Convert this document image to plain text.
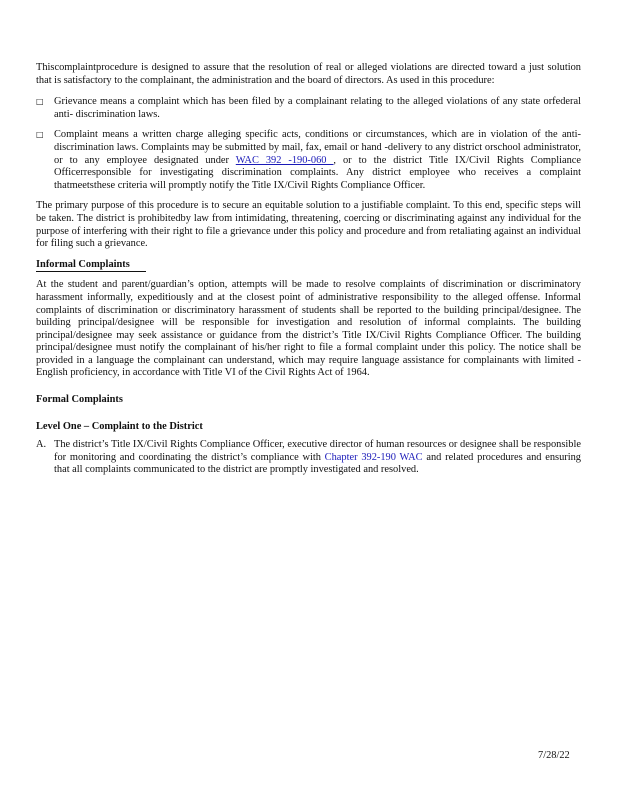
Thiscomplaintprocedure is designed to assure that the resolution of real or alleged violations are directed toward a just solution that is satisfactory to the complainant, the administration and the board of directors. As used in this procedure:

□ Grievance means a complaint which has been filed by a complainant relating to the alleged violations of any state orfederal anti- discrimination laws.

□ Complaint means a written charge alleging specific acts, conditions or circumstances, which are in violation of the anti-discrimination laws. Complaints may be submitted by mail, fax, email or hand -delivery to any district orschool administrator, or to any employee designated under WAC 392 -190-060 , or to the district Title IX/Civil Rights Compliance Officerresponsible for investigating discrimination complaints. Any district employee who receives a complaint thatmeetsthese criteria will promptly notify the Title IX/Civil Rights Compliance Officer.

The primary purpose of this procedure is to secure an equitable solution to a justifiable complaint. To this end, specific steps will be taken. The district is prohibitedby law from intimidating, threatening, coercing or discriminating against any individual for the purpose of interfering with their right to file a grievance under this policy and procedure and from retaliating against an individual for filing such a grievance.

Informal Complaints

At the student and parent/guardian’s option, attempts will be made to resolve complaints of discrimination or discriminatory harassment informally, expeditiously and at the closest point of administrative responsibility to the alleged offense. Informal complaints of discrimination or discriminatory harassment of students shall be reported to the building principal/designee. The building principal/designee will be responsible for investigation and resolution of informal complaints. The building principal/designee may seek assistance or guidance from the district’s Title IX/Civil Rights Compliance Officer. The building principal/designee must notify the complainant of his/her right to file a formal complaint under this policy. The notice shall be provided in a language the complainant can understand, which may require language assistance for complainants with limited -English proficiency, in accordance with Title VI of the Civil Rights Act of 1964.

Formal Complaints

Level One – Complaint to the District

A. The district’s Title IX/Civil Rights Compliance Officer, executive director of human resources or designee shall be responsible for monitoring and coordinating the district’s compliance with Chapter 392-190 WAC and related procedures and ensuring that all complaints communicated to the district are promptly investigated and resolved.

7/28/22
